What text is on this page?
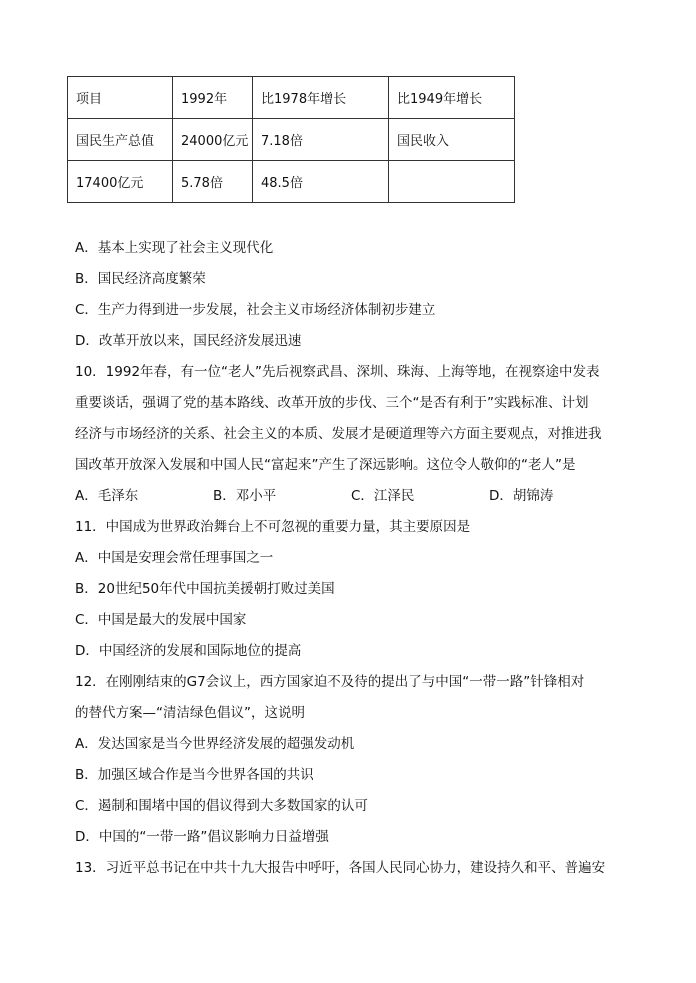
项目	1992年	比1978年增长	比1949年增长
国民生产总值	24000亿元	7.18倍	国民收入
17400亿元	5.78倍	48.5倍	
A．基本上实现了社会主义现代化
B．国民经济高度繁荣
C．生产力得到进一步发展，社会主义市场经济体制初步建立
D．改革开放以来，国民经济发展迅速
10．1992年春，有一位“老人”先后视察武昌、深圳、珠海、上海等地，在视察途中发表
重要谈话，强调了党的基本路线、改革开放的步伐、三个“是否有利于”实践标准、计划
经济与市场经济的关系、社会主义的本质、发展才是硬道理等六方面主要观点，对推进我
国改革开放深入发展和中国人民“富起来”产生了深远影响。这位令人敬仰的“老人”是
A．毛泽东	B．邓小平	C．江泽民	D．胡锦涛
11．中国成为世界政治舞台上不可忽视的重要力量，其主要原因是
A．中国是安理会常任理事国之一
B．20世纪50年代中国抗美援朝打败过美国
C．中国是最大的发展中国家
D．中国经济的发展和国际地位的提高
12．在刚刚结束的G7会议上，西方国家迫不及待的提出了与中国“一带一路”针锋相对
的替代方案—“清洁绿色倡议”，这说明
A．发达国家是当今世界经济发展的超强发动机
B．加强区域合作是当今世界各国的共识
C．遏制和围堵中国的倡议得到大多数国家的认可
D．中国的“一带一路”倡议影响力日益增强
13．习近平总书记在中共十九大报告中呼吁，各国人民同心协力，建设持久和平、普遍安
